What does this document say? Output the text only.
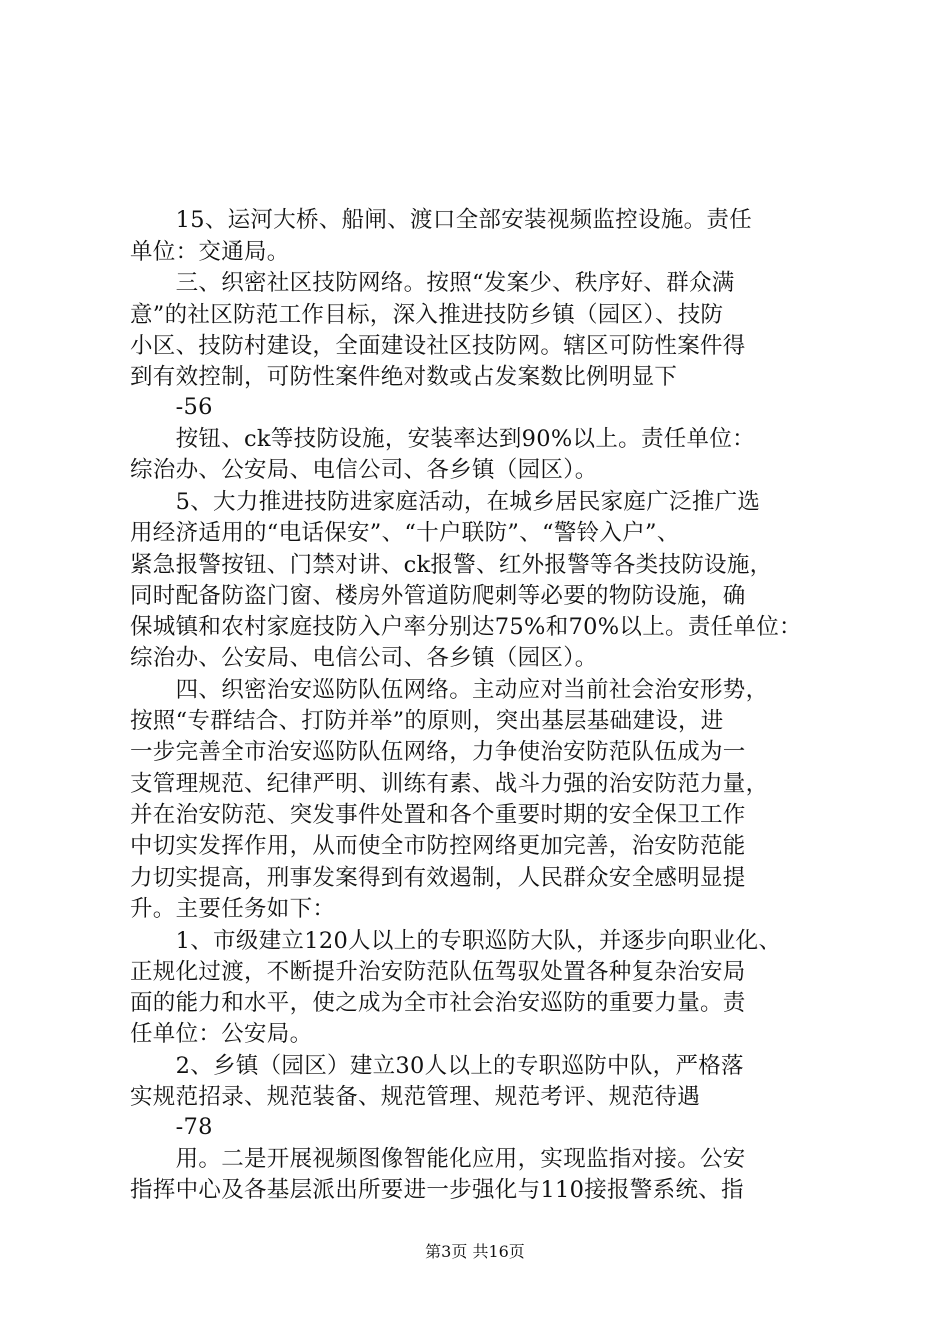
　　15、运河大桥、船闸、渡口全部安装视频监控设施。责任
单位：交通局。
　　三、织密社区技防网络。按照“发案少、秩序好、群众满
意”的社区防范工作目标，深入推进技防乡镇（园区）、技防
小区、技防村建设，全面建设社区技防网。辖区可防性案件得
到有效控制，可防性案件绝对数或占发案数比例明显下
　　-56
　　按钮、ck等技防设施，安装率达到90%以上。责任单位：
综治办、公安局、电信公司、各乡镇（园区）。
　　5、大力推进技防进家庭活动，在城乡居民家庭广泛推广选
用经济适用的“电话保安”、“十户联防”、“警铃入户”、
紧急报警按钮、门禁对讲、ck报警、红外报警等各类技防设施，
同时配备防盗门窗、楼房外管道防爬刺等必要的物防设施，确
保城镇和农村家庭技防入户率分别达75%和70%以上。责任单位：
综治办、公安局、电信公司、各乡镇（园区）。
　　四、织密治安巡防队伍网络。主动应对当前社会治安形势，
按照“专群结合、打防并举”的原则，突出基层基础建设，进
一步完善全市治安巡防队伍网络，力争使治安防范队伍成为一
支管理规范、纪律严明、训练有素、战斗力强的治安防范力量，
并在治安防范、突发事件处置和各个重要时期的安全保卫工作
中切实发挥作用，从而使全市防控网络更加完善，治安防范能
力切实提高，刑事发案得到有效遏制，人民群众安全感明显提
升。主要任务如下：
　　1、市级建立120人以上的专职巡防大队，并逐步向职业化、
正规化过渡，不断提升治安防范队伍驾驭处置各种复杂治安局
面的能力和水平，使之成为全市社会治安巡防的重要力量。责
任单位：公安局。
　　2、乡镇（园区）建立30人以上的专职巡防中队，严格落
实规范招录、规范装备、规范管理、规范考评、规范待遇
　　-78
　　用。二是开展视频图像智能化应用，实现监指对接。公安
指挥中心及各基层派出所要进一步强化与110接报警系统、指
第3页 共16页
